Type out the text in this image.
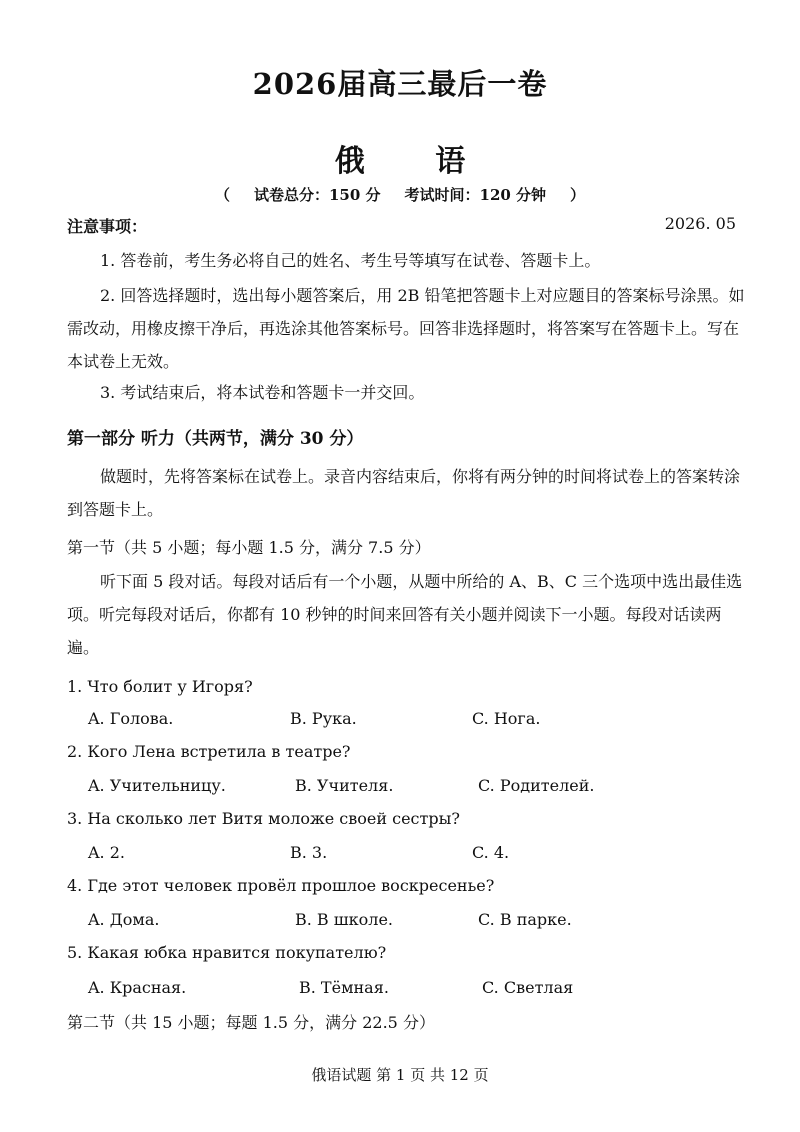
2026届高三最后一卷
俄 语
（ 试卷总分：150 分 考试时间：120 分钟 ）
注意事项：	2026. 05
1. 答卷前，考生务必将自己的姓名、考生号等填写在试卷、答题卡上。
2. 回答选择题时，选出每小题答案后，用 2B 铅笔把答题卡上对应题目的答案标号涂黑。如需改动，用橡皮擦干净后，再选涂其他答案标号。回答非选择题时，将答案写在答题卡上。写在本试卷上无效。
3. 考试结束后，将本试卷和答题卡一并交回。
第一部分 听力（共两节，满分 30 分）
做题时，先将答案标在试卷上。录音内容结束后，你将有两分钟的时间将试卷上的答案转涂到答题卡上。
第一节（共 5 小题；每小题 1.5 分，满分 7.5 分）
听下面 5 段对话。每段对话后有一个小题，从题中所给的 A、B、C 三个选项中选出最佳选项。听完每段对话后，你都有 10 秒钟的时间来回答有关小题并阅读下一小题。每段对话读两遍。
1. Что болит у Игоря?
A. Голова.	B. Рука.	C. Нога.
2. Кого Лена встретила в театре?
A. Учительницу.	B. Учителя.	C. Родителей.
3. На сколько лет Витя моложе своей сестры?
A. 2.	B. 3.	C. 4.
4. Где этот человек провёл прошлое воскресенье?
A. Дома.	B. В школе.	C. В парке.
5. Какая юбка нравится покупателю?
A. Красная.	B. Тёмная.	C. Светлая
第二节（共 15 小题；每题 1.5 分，满分 22.5 分）
俄语试题 第 1 页 共 12 页
